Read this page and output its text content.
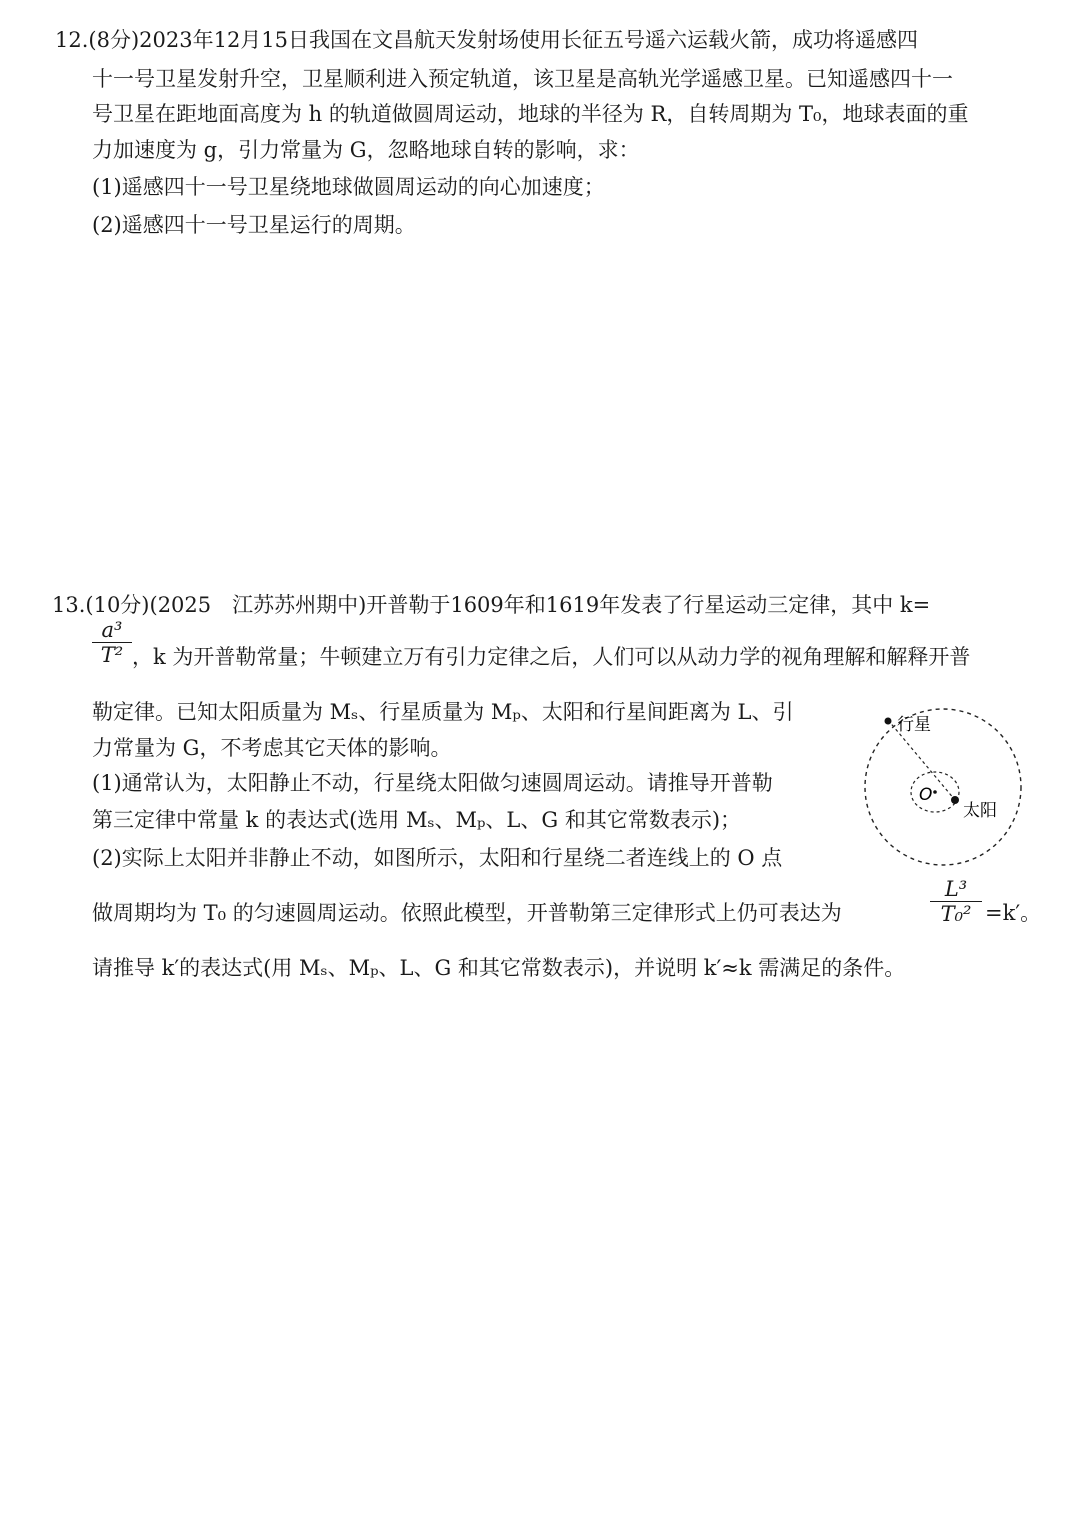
12.(8分)2023年12月15日我国在文昌航天发射场使用长征五号遥六运载火箭，成功将遥感四
十一号卫星发射升空，卫星顺利进入预定轨道，该卫星是高轨光学遥感卫星。已知遥感四十一
号卫星在距地面高度为 h 的轨道做圆周运动，地球的半径为 R，自转周期为 T₀，地球表面的重
力加速度为 g，引力常量为 G，忽略地球自转的影响，求：
(1)遥感四十一号卫星绕地球做圆周运动的向心加速度；
(2)遥感四十一号卫星运行的周期。
13.(10分)(2025　江苏苏州期中)开普勒于1609年和1619年发表了行星运动三定律，其中 k=
a³
T² ，k 为开普勒常量；牛顿建立万有引力定律之后，人们可以从动力学的视角理解和解释开普
勒定律。已知太阳质量为 Mₛ、行星质量为 Mₚ、太阳和行星间距离为 L、引
力常量为 G，不考虑其它天体的影响。
(1)通常认为，太阳静止不动，行星绕太阳做匀速圆周运动。请推导开普勒
第三定律中常量 k 的表达式(选用 Mₛ、Mₚ、L、G 和其它常数表示)；
(2)实际上太阳并非静止不动，如图所示，太阳和行星绕二者连线上的 O 点
做周期均为 T₀ 的匀速圆周运动。依照此模型，开普勒第三定律形式上仍可表达为
L³
T₀² =k′。
请推导 k′的表达式(用 Mₛ、Mₚ、L、G 和其它常数表示)，并说明 k′≈k 需满足的条件。
行星
太阳
O
